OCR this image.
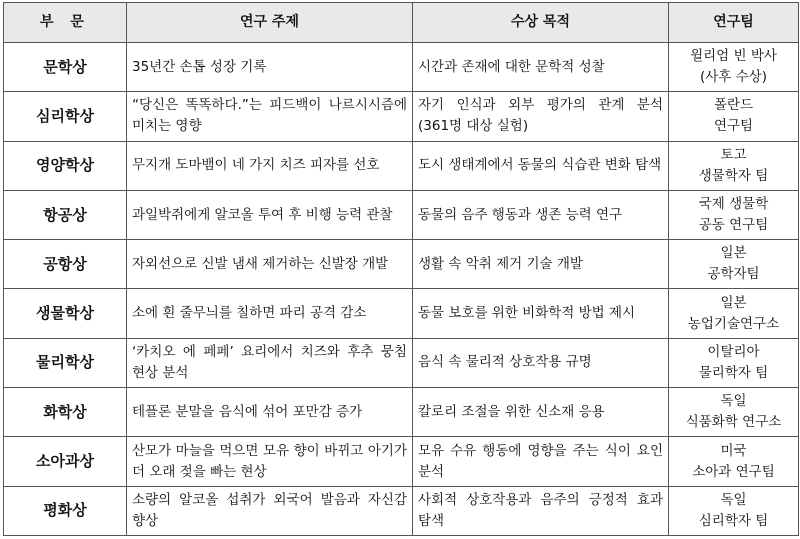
부 문	연구 주제	수상 목적	연구팀
문학상	35년간 손톱 성장 기록	시간과 존재에 대한 문학적 성찰	윌리엄 빈 박사
(사후 수상)
심리학상	“당신은 똑똑하다.”는 피드백이 나르시시즘에 미치는 영향	자기 인식과 외부 평가의 관계 분석(361명 대상 실험)	폴란드
연구팀
영양학상	무지개 도마뱀이 네 가지 치즈 피자를 선호	도시 생태계에서 동물의 식습관 변화 탐색	토고
생물학자 팀
항공상	과일박쥐에게 알코올 투여 후 비행 능력 관찰	동물의 음주 행동과 생존 능력 연구	국제 생물학
공동 연구팀
공항상	자외선으로 신발 냄새 제거하는 신발장 개발	생활 속 악취 제거 기술 개발	일본
공학자팀
생물학상	소에 흰 줄무늬를 칠하면 파리 공격 감소	동물 보호를 위한 비화학적 방법 제시	일본
농업기술연구소
물리학상	‘카치오 에 페페’ 요리에서 치즈와 후추 뭉침 현상 분석	음식 속 물리적 상호작용 규명	이탈리아
물리학자 팀
화학상	테플론 분말을 음식에 섞어 포만감 증가	칼로리 조절을 위한 신소재 응용	독일
식품화학 연구소
소아과상	산모가 마늘을 먹으면 모유 향이 바뀌고 아기가 더 오래 젖을 빠는 현상	모유 수유 행동에 영향을 주는 식이 요인 분석	미국
소아과 연구팀
평화상	소량의 알코올 섭취가 외국어 발음과 자신감 향상	사회적 상호작용과 음주의 긍정적 효과 탐색	독일
심리학자 팀
